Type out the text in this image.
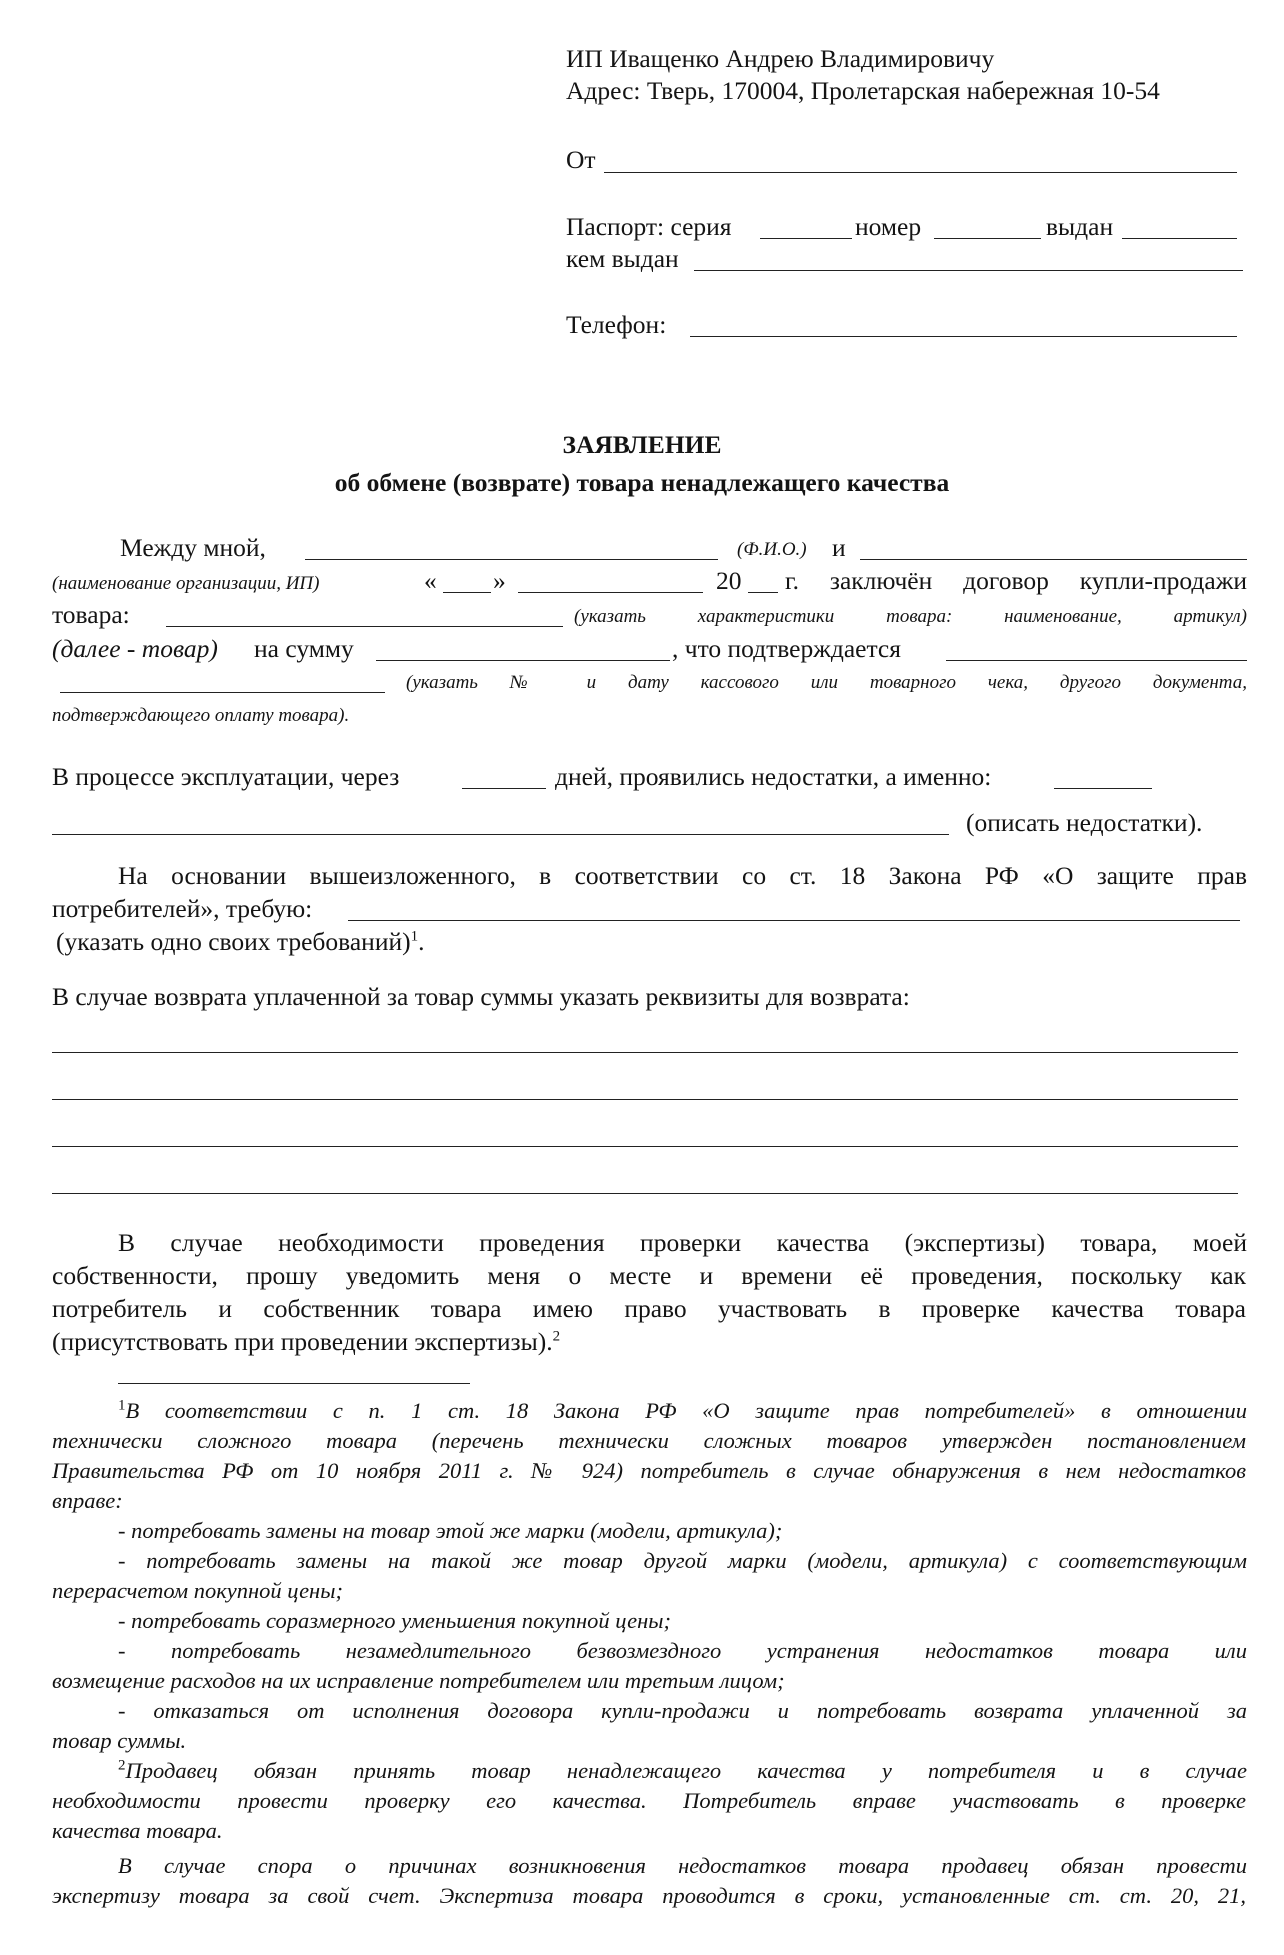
ИП Иващенко Андрею Владимировичу
Адрес: Тверь, 170004, Пролетарская набережная 10-54
От
Паспорт: серия	номер	выдан
кем выдан
Телефон:
ЗАЯВЛЕНИЕ
об обмене (возврате) товара ненадлежащего качества
Между мной,	(Ф.И.О.) и
(наименование организации, ИП)	« »	20 г. заключён договор купли-продажи
товара:	(указать характеристики товара: наименование, артикул)
(далее - товар) на сумму	, что подтверждается
(указать № и дату кассового или товарного чека, другого документа,
подтверждающего оплату товара).
В процессе эксплуатации, через	дней, проявились недостатки, а именно:
(описать недостатки).
На основании вышеизложенного, в соответствии со ст. 18 Закона РФ «О защите прав
потребителей», требую:
(указать одно своих требований)$^1$.
В случае возврата уплаченной за товар суммы указать реквизиты для возврата:
В случае необходимости проведения проверки качества (экспертизы) товара, моей
собственности, прошу уведомить меня о месте и времени её проведения, поскольку как
потребитель и собственник товара имею право участвовать в проверке качества товара
(присутствовать при проведении экспертизы).$^2$
$^1$В соответствии с п. 1 ст. 18 Закона РФ «О защите прав потребителей» в отношении
технически сложного товара (перечень технически сложных товаров утвержден постановлением
Правительства РФ от 10 ноября 2011 г. № 924) потребитель в случае обнаружения в нем недостатков
вправе:
- потребовать замены на товар этой же марки (модели, артикула);
- потребовать замены на такой же товар другой марки (модели, артикула) с соответствующим
перерасчетом покупной цены;
- потребовать соразмерного уменьшения покупной цены;
- потребовать незамедлительного безвозмездного устранения недостатков товара или
возмещение расходов на их исправление потребителем или третьим лицом;
- отказаться от исполнения договора купли-продажи и потребовать возврата уплаченной за
товар суммы.
$^2$Продавец обязан принять товар ненадлежащего качества у потребителя и в случае
необходимости провести проверку его качества. Потребитель вправе участвовать в проверке
качества товара.
В случае спора о причинах возникновения недостатков товара продавец обязан провести
экспертизу товара за свой счет. Экспертиза товара проводится в сроки, установленные ст. ст. 20, 21,
